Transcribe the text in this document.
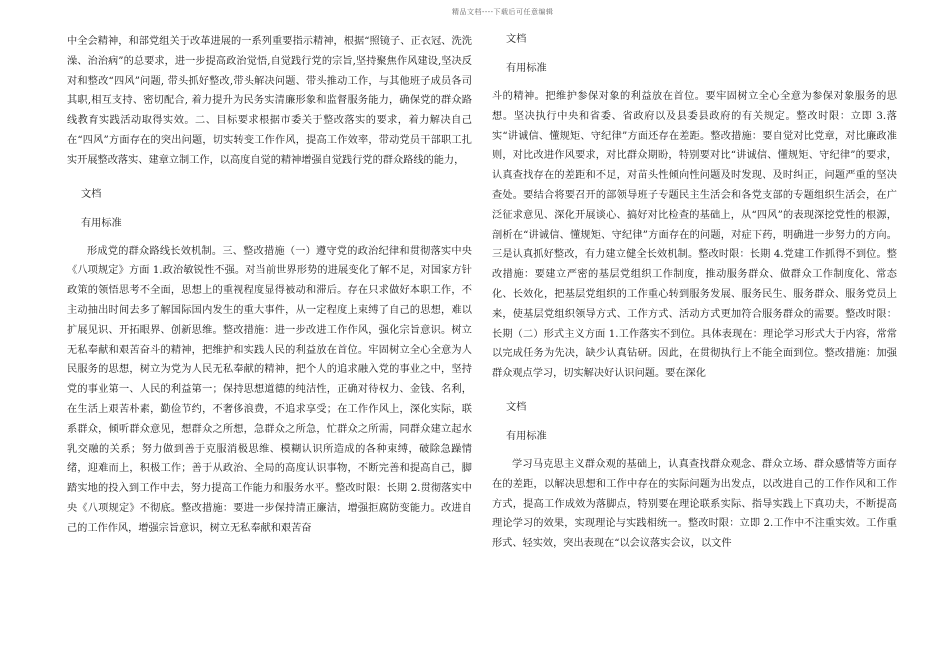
精品文档----下载后可任意编辑

中全会精神，和部党组关于改革进展的一系列重要指示精神，根据“照镜子、正衣冠、洗洗澡、治治病”的总要求，进一步提高政治觉悟,自觉践行党的宗旨,坚持聚焦作风建设,坚决反对和整改“四风”问题, 带头抓好整改,带头解决问题、带头推动工作，与其他班子成员各司其职,相互支持、密切配合, 着力提升为民务实清廉形象和监督服务能力，确保党的群众路线教育实践活动取得实效。二、目标要求根据市委关于整改落实的要求，着力解决自己在“四风”方面存在的突出问题，切实转变工作作风，提高工作效率，带动党员干部职工扎实开展整改落实、建章立制工作，以高度自觉的精神增强自觉践行党的群众路线的能力，

文档

有用标准

形成党的群众路线长效机制。三、整改措施（一）遵守党的政治纪律和贯彻落实中央《八项规定》方面 1.政治敏锐性不强。对当前世界形势的进展变化了解不足，对国家方针政策的领悟思考不全面，思想上的重视程度显得被动和滞后。存在只求做好本职工作，不主动抽出时间去多了解国际国内发生的重大事件，从一定程度上束缚了自己的思想，难以扩展见识、开拓眼界、创新思维。整改措施：进一步改进工作作风，强化宗旨意识。树立无私奉献和艰苦奋斗的精神，把维护和实践人民的利益放在首位。牢固树立全心全意为人民服务的思想，树立为党为人民无私奉献的精神，把个人的追求融入党的事业之中，坚持党的事业第一、人民的利益第一；保持思想道德的纯洁性，正确对待权力、金钱、名利，在生活上艰苦朴素，勤俭节约，不奢侈浪费，不追求享受；在工作作风上，深化实际，联系群众，倾听群众意见，想群众之所想，急群众之所急，忙群众之所需，同群众建立起水乳交融的关系；努力做到善于克服消极思维、模糊认识所造成的各种束缚，破除急躁情绪，迎难而上，积极工作；善于从政治、全局的高度认识事物，不断完善和提高自己，脚踏实地的投入到工作中去，努力提高工作能力和服务水平。整改时限：长期 2.贯彻落实中央《八项规定》不彻底。整改措施：要进一步保持清正廉洁，增强拒腐防变能力。改进自己的工作作风，增强宗旨意识，树立无私奉献和艰苦奋

文档

有用标准

斗的精神。把维护参保对象的利益放在首位。要牢固树立全心全意为参保对象服务的思想。坚决执行中央和省委、省政府以及县委县政府的有关规定。整改时限：立即 3.落实“讲诚信、懂规矩、守纪律”方面还存在差距。整改措施：要自觉对比党章，对比廉政准则，对比改进作风要求，对比群众期盼，特别要对比“讲诚信、懂规矩、守纪律”的要求，认真查找存在的差距和不足，对苗头性倾向性问题及时发现、及时纠正，问题严重的坚决查处。要结合将要召开的部领导班子专题民主生活会和各党支部的专题组织生活会，在广泛征求意见、深化开展谈心、搞好对比检查的基础上，从“四风”的表现深挖党性的根源，剖析在“讲诚信、懂规矩、守纪律”方面存在的问题，对症下药，明确进一步努力的方向。三是认真抓好整改，有力建立健全长效机制。整改时限：长期 4.党建工作抓得不到位。整改措施：要建立严密的基层党组织工作制度，推动服务群众、做群众工作制度化、常态化、长效化，把基层党组织的工作重心转到服务发展、服务民生、服务群众、服务党员上来，使基层党组织领导方式、工作方式、活动方式更加符合服务群众的需要。整改时限：长期（二）形式主义方面 1.工作落实不到位。具体表现在：理论学习形式大于内容，常常以完成任务为先决，缺少认真钻研。因此，在贯彻执行上不能全面到位。整改措施：加强群众观点学习，切实解决好认识问题。要在深化

文档

有用标准

学习马克思主义群众观的基础上，认真查找群众观念、群众立场、群众感情等方面存在的差距，以解决思想和工作中存在的实际问题为出发点，以改进自己的工作作风和工作方式，提高工作成效为落脚点，特别要在理论联系实际、指导实践上下真功夫，不断提高理论学习的效果，实现理论与实践相统一。整改时限：立即 2.工作中不注重实效。工作重形式、轻实效，突出表现在“以会议落实会议，以文件
